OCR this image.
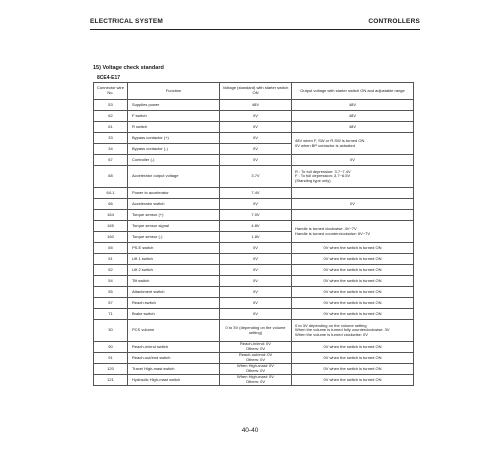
ELECTRICAL SYSTEM	CONTROLLERS
15) Voltage check standard
8CE4-E17
Connector wire No.	Function	Voltage (standard) with starter switch ON	Output voltage with starter switch ON and adjustable range
53	Supplies power	48V	48V
62	F switch	0V	48V
61	R switch	0V	48V
33	Bypass contactor (+)	0V	48V when F, SW or R.SW is turned ON
0V when BP contactor is actuated
34	Bypass contactor (-)	0V	
67	Controller (-)	0V	0V
68	Accelerator output voltage	3.7V	R : To full depression: 3.7~7.4V
F : To full depression: 3.7~6.5V
(Standing type only)
64-1	Power to accelerator	7.4V	
66	Accelerator switch	0V	0V
164	Torque sensor (+)	7.0V	
165	Torque sensor signal	4.8V	Handle is turned clockwise: 4V~7V
Handle is turned counterclockwise: 6V~7V
160	Torque sensor (-)	1.8V	
65	PS.E switch	0V	0V when the switch is turned ON
51	Lift 1 switch	0V	0V when the switch is turned ON
52	Lift 2 switch	0V	0V when the switch is turned ON
54	Tilt switch	0V	0V when the switch is turned ON
55	Attachment switch	0V	0V when the switch is turned ON
57	Reach switch	0V	0V when the switch is turned ON
71	Brake switch	0V	0V when the switch is turned ON
30	PCS volume	0 to 3V (depending on the volume setting)	0 to 3V depending on the volume setting
When the volume is turned fully counterclockwise: 3V
When the volume is turned clockwise: 0V
90	Reach-in/end switch	Reach-in/end: 0V
Others: 0V	0V when the switch is turned ON
91	Reach-out/end switch	Reach-out/end: 0V
Others: 0V	0V when the switch is turned ON
120	Travel High-mast switch	When High-mast: 0V
Others: 0V	0V when the switch is turned ON
121	Hydraulic High-mast switch	When High-mast: 0V
Others: 0V	0V when the switch is turned ON
40-40
